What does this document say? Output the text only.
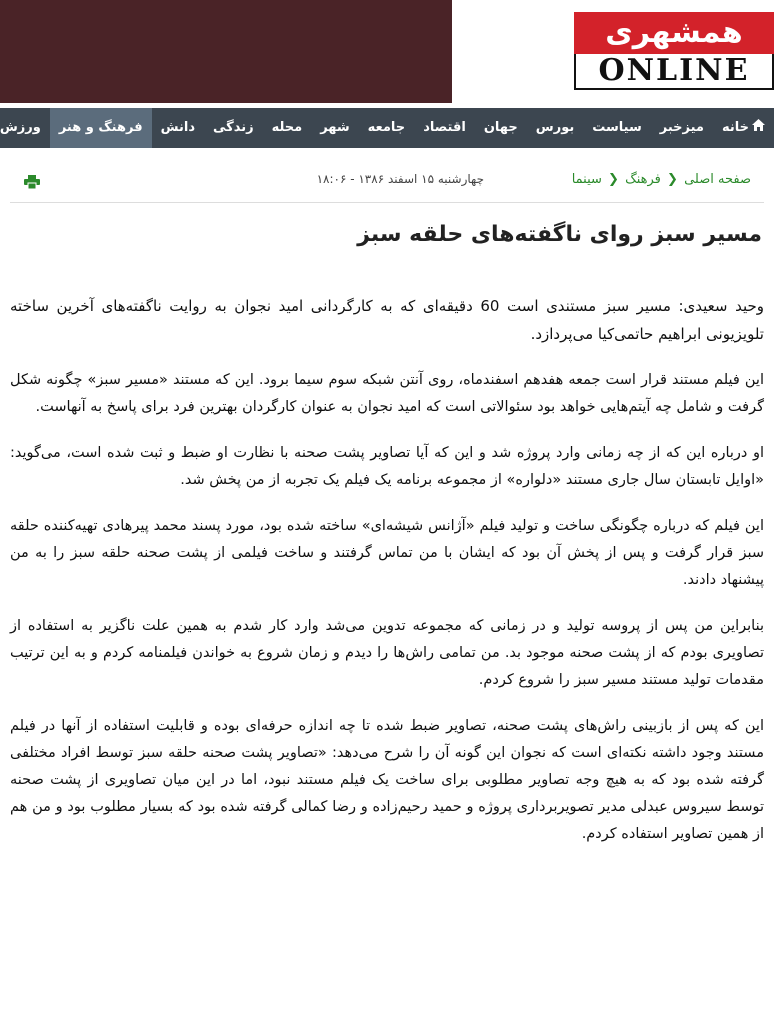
همشهری
ONLINE
خانه
میزخبر
سیاست
بورس
جهان
اقتصاد
جامعه
شهر
محله
زندگی
دانش
فرهنگ و هنر
ورزش
صفحه اصلی ❮ فرهنگ ❮ سینما
چهارشنبه ۱۵ اسفند ۱۳۸۶ - ۱۸:۰۶
مسیر سبز روای ناگفته‌های حلقه سبز

وحید سعیدی: مسیر سبز مستندی است 60 دقیقه‌ای که به کارگردانی امید نجوان به روایت ناگفته‌های آخرین ساخته تلویزیونی ابراهیم حاتمی‌کیا می‌پردازد.

این فیلم مستند قرار است جمعه هفدهم اسفندماه، روی آنتن شبکه سوم سیما برود. این که مستند «مسیر سبز» چگونه شکل گرفت و شامل چه آیتم‌هایی خواهد بود سئوالاتی است که امید نجوان به عنوان کارگردان بهترین فرد برای پاسخ به آنهاست.

او درباره این که از چه زمانی وارد پروژه شد و این که آیا تصاویر پشت صحنه با نظارت او ضبط و ثبت شده است، می‌گوید: «اوایل تابستان سال جاری مستند «دلواره» از مجموعه برنامه یک فیلم یک تجربه از من پخش شد.

این فیلم که درباره چگونگی ساخت و تولید فیلم «آژانس شیشه‌ای» ساخته شده بود، مورد پسند محمد پیرهادی تهیه‌کننده حلقه سبز قرار گرفت و پس از پخش آن بود که ایشان با من تماس گرفتند و ساخت فیلمی از پشت صحنه حلقه سبز را به من پیشنهاد دادند.

بنابراین من پس از پروسه تولید و در زمانی که مجموعه تدوین می‌شد وارد کار شدم به همین علت ناگزیر به استفاده از تصاویری بودم که از پشت صحنه موجود بد. من تمامی راش‌ها را دیدم و زمان شروع به خواندن فیلمنامه کردم و به این ترتیب مقدمات تولید مستند مسیر سبز را شروع کردم.

این که پس از بازبینی راش‌های پشت صحنه، تصاویر ضبط شده تا چه اندازه حرفه‌ای بوده و قابلیت استفاده از آنها در فیلم مستند وجود داشته نکته‌ای است که نجوان این گونه آن را شرح می‌دهد: «تصاویر پشت صحنه حلقه سبز توسط افراد مختلفی گرفته شده بود که به هیچ وجه تصاویر مطلوبی برای ساخت یک فیلم مستند نبود، اما در این میان تصاویری از پشت صحنه توسط سیروس عبدلی مدیر تصویربرداری پروژه و حمید رحیم‌زاده و رضا کمالی گرفته شده بود که بسیار مطلوب بود و من هم از همین تصاویر استفاده کردم.
